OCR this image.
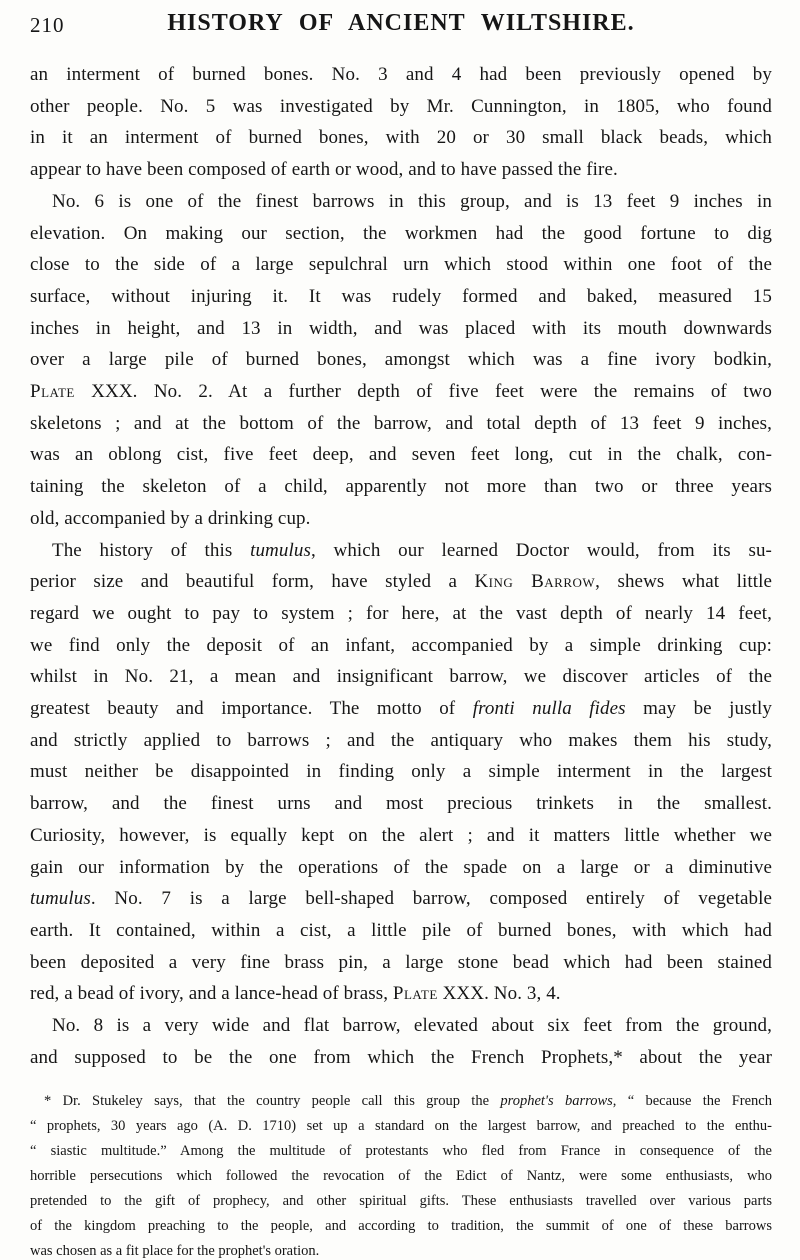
210	HISTORY OF ANCIENT WILTSHIRE.
an interment of burned bones. No. 3 and 4 had been previously opened by
other people. No. 5 was investigated by Mr. Cunnington, in 1805, who found
in it an interment of burned bones, with 20 or 30 small black beads, which
appear to have been composed of earth or wood, and to have passed the fire.
No. 6 is one of the finest barrows in this group, and is 13 feet 9 inches in
elevation. On making our section, the workmen had the good fortune to dig
close to the side of a large sepulchral urn which stood within one foot of the
surface, without injuring it. It was rudely formed and baked, measured 15
inches in height, and 13 in width, and was placed with its mouth downwards
over a large pile of burned bones, amongst which was a fine ivory bodkin,
Plate XXX. No. 2. At a further depth of five feet were the remains of two
skeletons ; and at the bottom of the barrow, and total depth of 13 feet 9 inches,
was an oblong cist, five feet deep, and seven feet long, cut in the chalk, con-
taining the skeleton of a child, apparently not more than two or three years
old, accompanied by a drinking cup.
The history of this tumulus, which our learned Doctor would, from its su-
perior size and beautiful form, have styled a King Barrow, shews what little
regard we ought to pay to system ; for here, at the vast depth of nearly 14 feet,
we find only the deposit of an infant, accompanied by a simple drinking cup:
whilst in No. 21, a mean and insignificant barrow, we discover articles of the
greatest beauty and importance. The motto of fronti nulla fides may be justly
and strictly applied to barrows ; and the antiquary who makes them his study,
must neither be disappointed in finding only a simple interment in the largest
barrow, and the finest urns and most precious trinkets in the smallest.
Curiosity, however, is equally kept on the alert ; and it matters little whether we
gain our information by the operations of the spade on a large or a diminutive
tumulus. No. 7 is a large bell-shaped barrow, composed entirely of vegetable
earth. It contained, within a cist, a little pile of burned bones, with which had
been deposited a very fine brass pin, a large stone bead which had been stained
red, a bead of ivory, and a lance-head of brass, Plate XXX. No. 3, 4.
No. 8 is a very wide and flat barrow, elevated about six feet from the ground,
and supposed to be the one from which the French Prophets,* about the year
* Dr. Stukeley says, that the country people call this group the prophet's barrows, “ because the French
“ prophets, 30 years ago (A. D. 1710) set up a standard on the largest barrow, and preached to the enthu-
“ siastic multitude.” Among the multitude of protestants who fled from France in consequence of the
horrible persecutions which followed the revocation of the Edict of Nantz, were some enthusiasts, who
pretended to the gift of prophecy, and other spiritual gifts. These enthusiasts travelled over various parts
of the kingdom preaching to the people, and according to tradition, the summit of one of these barrows
was chosen as a fit place for the prophet's oration.
